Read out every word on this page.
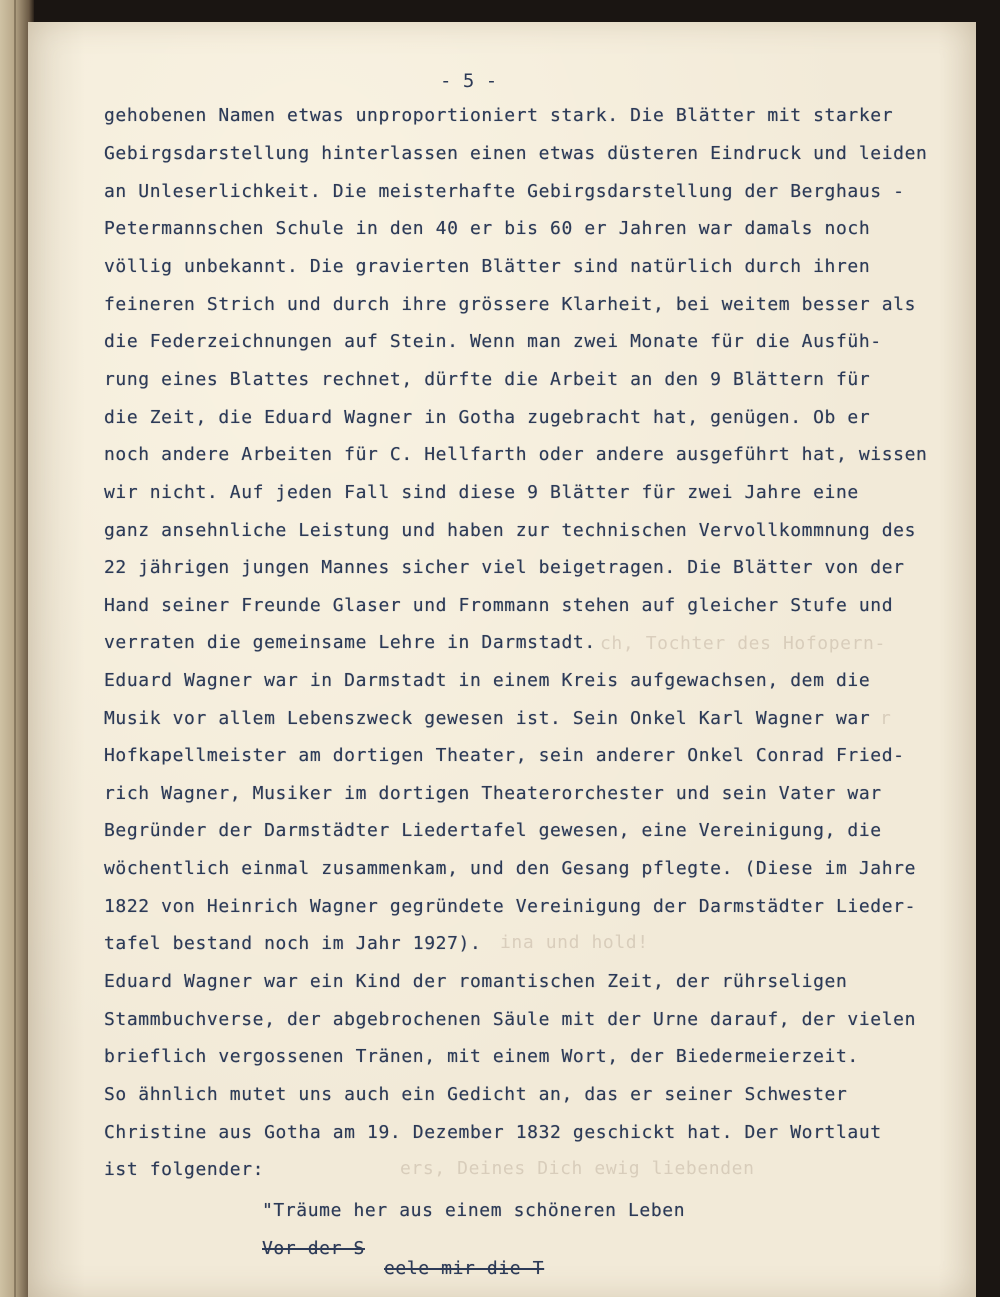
ch, Tochter des Hofopern-
r
ina und hold!
ers, Deines Dich ewig liebenden
- 5 -
gehobenen Namen etwas unproportioniert stark. Die Blätter mit starker
Gebirgsdarstellung hinterlassen einen etwas düsteren Eindruck und leiden
an Unleserlichkeit. Die meisterhafte Gebirgsdarstellung der Berghaus -
Petermannschen Schule in den 40 er bis 60 er Jahren war damals noch
völlig unbekannt. Die gravierten Blätter sind natürlich durch ihren
feineren Strich und durch ihre grössere Klarheit, bei weitem besser als
die Federzeichnungen auf Stein. Wenn man zwei Monate für die Ausfüh-
rung eines Blattes rechnet, dürfte die Arbeit an den 9 Blättern für
die Zeit, die Eduard Wagner in Gotha zugebracht hat, genügen. Ob er
noch andere Arbeiten für C. Hellfarth oder andere ausgeführt hat, wissen
wir nicht. Auf jeden Fall sind diese 9 Blätter für zwei Jahre eine
ganz ansehnliche Leistung und haben zur technischen Vervollkommnung des
22 jährigen jungen Mannes sicher viel beigetragen. Die Blätter von der
Hand seiner Freunde Glaser und Frommann stehen auf gleicher Stufe und
verraten die gemeinsame Lehre in Darmstadt.
Eduard Wagner war in Darmstadt in einem Kreis aufgewachsen, dem die
Musik vor allem Lebenszweck gewesen ist. Sein Onkel Karl Wagner war
Hofkapellmeister am dortigen Theater, sein anderer Onkel Conrad Fried-
rich Wagner, Musiker im dortigen Theaterorchester und sein Vater war
Begründer der Darmstädter Liedertafel gewesen, eine Vereinigung, die
wöchentlich einmal zusammenkam, und den Gesang pflegte. (Diese im Jahre
1822 von Heinrich Wagner gegründete Vereinigung der Darmstädter Lieder-
tafel bestand noch im Jahr 1927).
Eduard Wagner war ein Kind der romantischen Zeit, der rührseligen
Stammbuchverse, der abgebrochenen Säule mit der Urne darauf, der vielen
brieflich vergossenen Tränen, mit einem Wort, der Biedermeierzeit.
So ähnlich mutet uns auch ein Gedicht an, das er seiner Schwester
Christine aus Gotha am 19. Dezember 1832 geschickt hat. Der Wortlaut
ist folgender:
"Träume her aus einem schöneren Leben
Vor der S
eele mir die T
